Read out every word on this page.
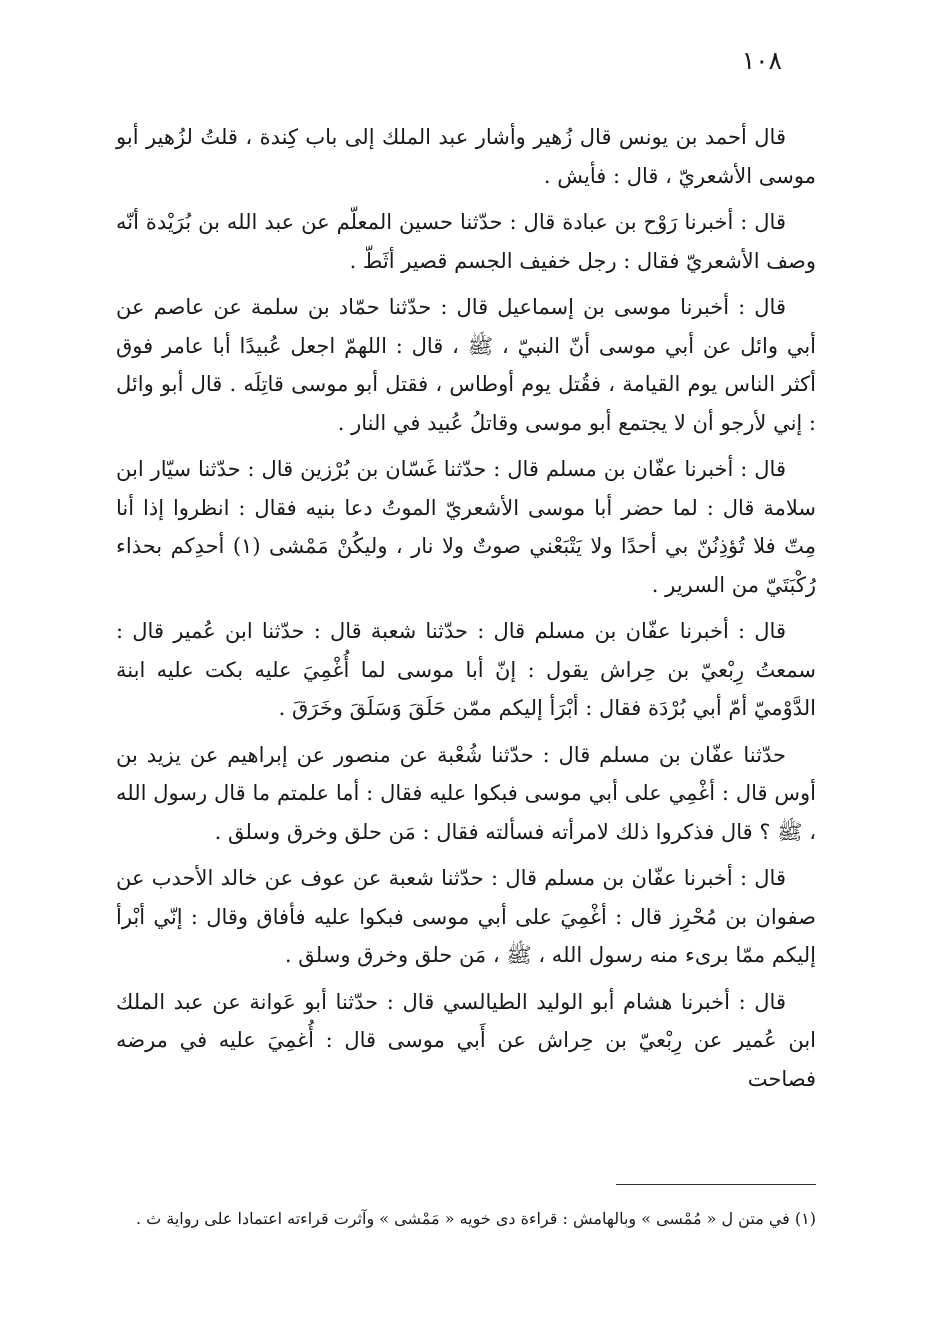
١٠٨

قال أحمد بن يونس قال زُهير وأشار عبد الملك إلى باب كِندة ، قلتُ لزُهير أبو موسى الأشعريّ ، قال : فأيش .

قال : أخبرنا رَوْح بن عبادة قال : حدّثنا حسين المعلّم عن عبد الله بن بُرَيْدة أنّه وصف الأشعريّ فقال : رجل خفيف الجسم قصير أثَطّ .

قال : أخبرنا موسى بن إسماعيل قال : حدّثنا حمّاد بن سلمة عن عاصم عن أبي وائل عن أبي موسى أنّ النبيّ ، ﷺ ، قال : اللهمّ اجعل عُبيدًا أبا عامر فوق أكثر الناس يوم القيامة ، فقُتل يوم أوطاس ، فقتل أبو موسى قاتِلَه . قال أبو وائل : إني لأرجو أن لا يجتمع أبو موسى وقاتلُ عُبيد في النار .

قال : أخبرنا عفّان بن مسلم قال : حدّثنا غَسّان بن بُرْزين قال : حدّثنا سيّار ابن سلامة قال : لما حضر أبا موسى الأشعريّ الموتُ دعا بنيه فقال : انظروا إذا أنا مِتّ فلا تُؤذِنُنّ بي أحدًا ولا يَتْبَعْني صوتٌ ولا نار ، وليكُنْ مَمْشى (١) أحدِكم بحذاء رُكْبَتَيّ من السرير .

قال : أخبرنا عفّان بن مسلم قال : حدّثنا شعبة قال : حدّثنا ابن عُمير قال : سمعتُ رِبْعيّ بن حِراش يقول : إنّ أبا موسى لما أُغْمِيَ عليه بكت عليه ابنة الدَّوْميّ أمّ أبي بُرْدَة فقال : أبْرَأ إليكم ممّن حَلَقَ وَسَلَقَ وخَرَقَ .

حدّثنا عفّان بن مسلم قال : حدّثنا شُعْبة عن منصور عن إبراهيم عن يزيد بن أوس قال : أغْمِي على أبي موسى فبكوا عليه فقال : أما علمتم ما قال رسول الله ، ﷺ ؟ قال فذكروا ذلك لامرأته فسألته فقال : مَن حلق وخرق وسلق .

قال : أخبرنا عفّان بن مسلم قال : حدّثنا شعبة عن عوف عن خالد الأحدب عن صفوان بن مُحْرِز قال : أغْمِيَ على أبي موسى فبكوا عليه فأفاق وقال : إنّي أبْرأ إليكم ممّا برىء منه رسول الله ، ﷺ ، مَن حلق وخرق وسلق .

قال : أخبرنا هشام أبو الوليد الطيالسي قال : حدّثنا أبو عَوانة عن عبد الملك ابن عُمير عن رِبْعيّ بن حِراش عن أَبي موسى قال : أُغمِيَ عليه في مرضه فصاحت

(١) في متن ل « مُمْسى » وبالهامش : قراءة دى خويه « مَمْشى » وآثرت قراءته اعتمادا على رواية ث .
